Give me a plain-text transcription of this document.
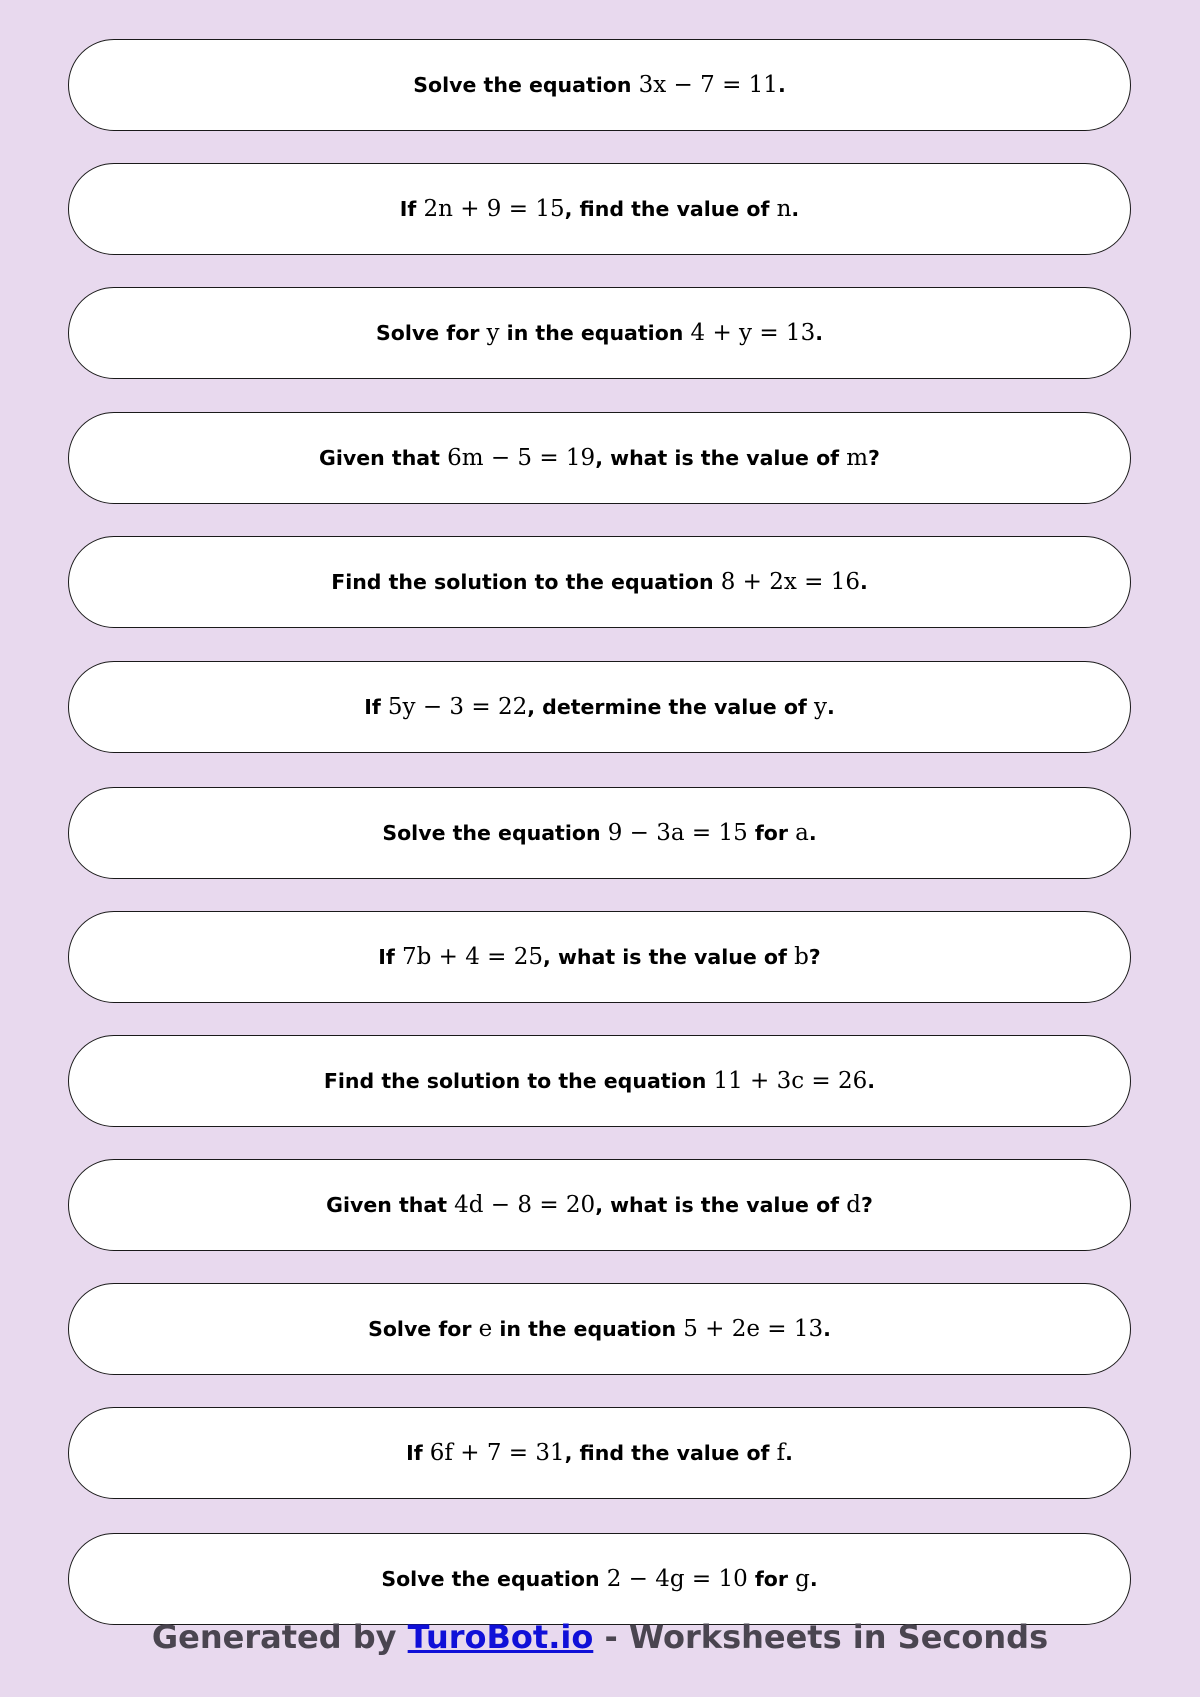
Solve the equation 3x − 7 = 11.
If 2n + 9 = 15, find the value of n.
Solve for y in the equation 4 + y = 13.
Given that 6m − 5 = 19, what is the value of m?
Find the solution to the equation 8 + 2x = 16.
If 5y − 3 = 22, determine the value of y.
Solve the equation 9 − 3a = 15 for a.
If 7b + 4 = 25, what is the value of b?
Find the solution to the equation 11 + 3c = 26.
Given that 4d − 8 = 20, what is the value of d?
Solve for e in the equation 5 + 2e = 13.
If 6f + 7 = 31, find the value of f.
Solve the equation 2 − 4g = 10 for g.
Generated by TuroBot.io - Worksheets in Seconds
